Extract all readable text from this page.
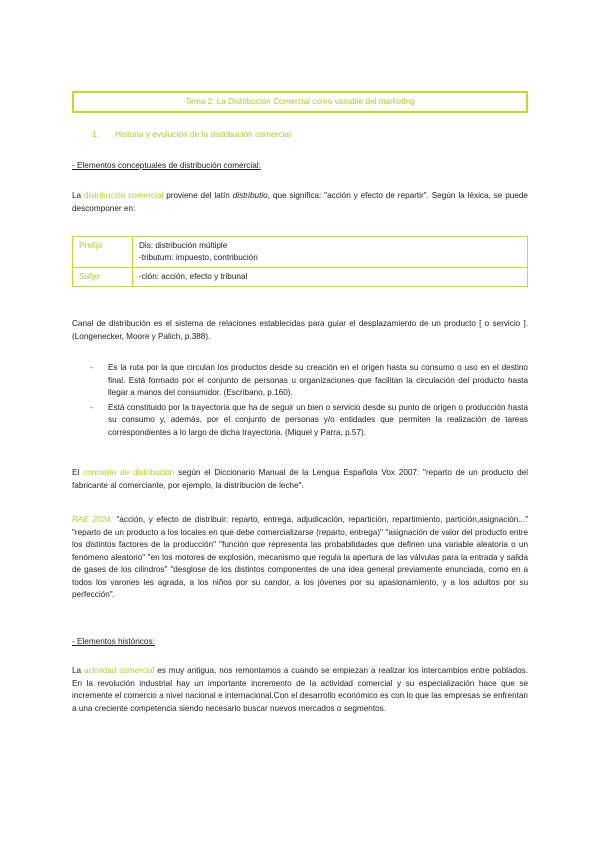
Tema 2: La Distribución Comercial como variable del marketing
1. Historia y evolución de la distribución comercial
- Elementos conceptuales de distribución comercial:
La distribución comercial proviene del latín distributio, que significa: "acción y efecto de repartir". Según la léxica, se puede descomponer en:
Prefijo	Dis: distribución múltiple
-tributum: impuesto, contribución

Sufijo	-ción: acción, efecto y tribunal
Canal de distribución es el sistema de relaciones establecidas para guiar el desplazamiento de un producto [ o servicio ]. (Longenecker, Moore y Palich, p.388).
- Es la ruta por la que circulan los productos desde su creación en el origen hasta su consumo o uso en el destino final. Está formado por el conjunto de personas u organizaciones que facilitan la circulación del producto hasta llegar a manos del consumidor. (Escribano, p.160).
- Está constituido por la trayectoria que ha de seguir un bien o servicio desde su punto de origen o producción hasta su consumo y, además, por el conjunto de personas y/o entidades que permiten la realización de tareas correspondientes a lo largo de dicha trayectoria. (Miquel y Parra, p.57).
El concepto de distribución según el Diccionario Manual de la Lengua Española Vox 2007: "reparto de un producto del fabricante al comerciante, por ejemplo, la distribución de leche".
RAE 2024: "acción, y efecto de distribuir: reparto, entrega, adjudicación, repartición, repartimiento, partición,asignación..." "reparto de un producto a los locales en que debe comercializarse (reparto, entrega)" "asignación de valor del producto entre los distintos factores de la producción" "función que representa las probabilidades que definen una variable aleatoria o un fenómeno aleatorio" "en los motores de explosión, mecanismo que regula la apertura de las válvulas para la entrada y salida de gases de los cilindros" "desglose de los distintos componentes de una idea general previamente enunciada, como en a todos los varones les agrada, a los niños por su candor, a los jóvenes por su apasionamiento, y a los adultos por su perfección".
- Elementos históricos:
La actividad comercial es muy antigua, nos remontamos a cuando se empiezan a realizar los intercambios entre poblados. En la revolución industrial hay un importante incremento de la actividad comercial y su especialización hace que se incremente el comercio a nivel nacional e internacional.Con el desarrollo económico es con lo que las empresas se enfrentan a una creciente competencia siendo necesario buscar nuevos mercados o segmentos.
